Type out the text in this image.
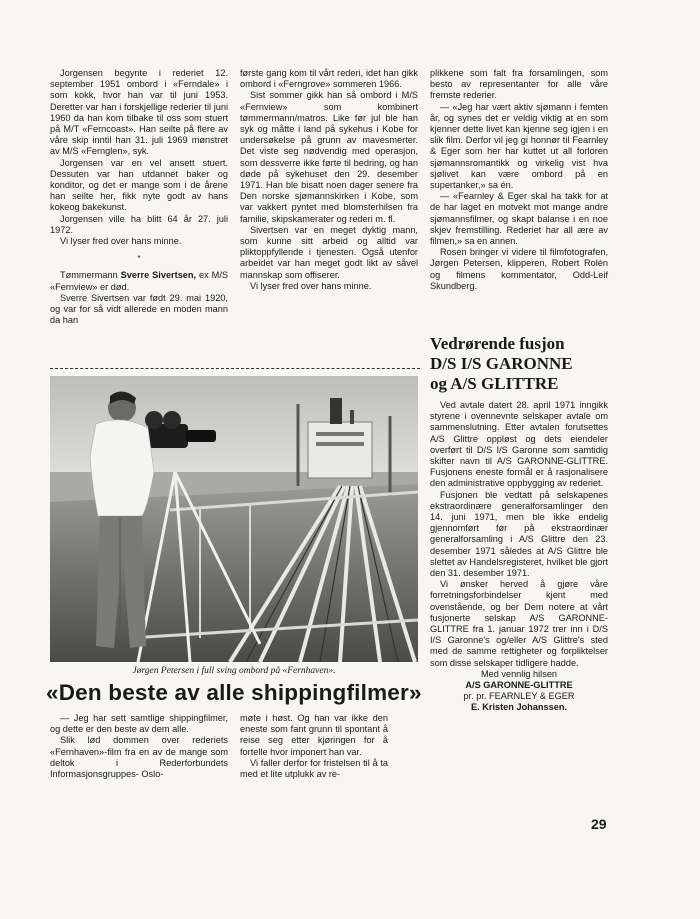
Jorgensen begynte i rederiet 12. september 1951 ombord i «Ferndale» i som kokk, hvor han var til juni 1953. Deretter var han i forskjellige rederier til juni 1960 da han kom tilbake til oss som stuert på M/T «Ferncoast». Han seilte på flere av våre skip inntil han 31. juli 1969 mønstret av M/S «Fernglen», syk.

Jorgensen var en vel ansett stuert. Dessuten var han utdannet baker og konditor, og det er mange som i de årene han seilte her, fikk nyte godt av hans kokeog bakekunst.

Jorgensen ville ha blitt 64 år 27. juli 1972.

Vi lyser fred over hans minne.

*

Tømmermann Sverre Sivertsen, ex M/S «Fernview» er død.

Sverre Sivertsen var født 29. mai 1920, og var for så vidt allerede en moden mann da han

første gang kom til vårt rederi, idet han gikk ombord i «Ferngrove» sommeren 1966.

Sist sommer gikk han så ombord i M/S «Fernview» som kombinert tømmermann/matros. Like før jul ble han syk og måtte i land på sykehus i Kobe for undersøkelse på grunn av mavesmerter. Det viste seg nødvendig med operasjon, som dessverre ikke førte til bedring, og han døde på sykehuset den 29. desember 1971. Han ble bisatt noen dager senere fra Den norske sjømannskirken i Kobe, som var vakkert pyntet med blomsterhilsen fra familie, skipskamerater og rederi m. fl.

Sivertsen var en meget dyktig mann, som kunne sitt arbeid og alltid var pliktoppfyllende i tjenesten. Også utenfor arbeidet var han meget godt likt av såvel mannskap som offiserer.

Vi lyser fred over hans minne.

plikkene som falt fra forsamlingen, som besto av representanter for alle våre fremste rederier.

— «Jeg har vært aktiv sjømann i femten år, og synes det er veldig viktig at en som kjenner dette livet kan kjenne seg igjen i en slik film. Derfor vil jeg gi honnør til Fearnley & Eger som her har kuttet ut all forloren sjømannsromantikk og virkelig vist hva sjølivet kan være ombord på en supertanker,» sa én.

— «Fearnley & Eger skal ha takk for at de har laget en motvekt mot mange andre sjømannsfilmer, og skapt balanse i en noe skjev fremstilling. Rederiet har all ære av filmen,» sa en annen.

Rosen bringer vi videre til filmfotografen, Jørgen Petersen, klipperen, Robert Rolén og filmens kommentator, Odd-Leif Skundberg.

Jørgen Petersen i full sving ombord på «Fernhaven».
«Den beste av alle shippingfilmer»

— Jeg har sett samtlige shippingfilmer, og dette er den beste av dem alle.

Slik lød dommen over rederiets «Fernhaven»-film fra en av de mange som deltok i Rederforbundets Informasjonsgruppes- Oslo-

møte i høst. Og han var ikke den eneste som fant grunn til spontant å reise seg etter kjøringen for å fortelle hvor imponert han var.

Vi faller derfor for fristelsen til å ta med et lite utplukk av re-

Vedrørende fusjon
D/S I/S GARONNE
og A/S GLITTRE

Ved avtale datert 28. april 1971 inngikk styrene i ovennevnte selskaper avtale om sammenslutning. Etter avtalen forutsettes A/S Glittre oppløst og dets eiendeler overført til D/S I/S Garonne som samtidig skifter navn til A/S GARONNE-GLITTRE. Fusjonens eneste formål er å rasjonalisere den administrative oppbygging av rederiet.

Fusjonen ble vedtatt på selskapenes ekstraordinære generalforsamlinger den 14. juni 1971, men ble ikke endelig gjennomført før på ekstraordinær generalforsamling i A/S Glittre den 23. desember 1971 således at A/S Glittre ble slettet av Handelsregisteret, hvilket ble gjort den 31. desember 1971.

Vi ønsker herved å gjøre våre forretningsforbindelser kjent med ovenstående, og ber Dem notere at vårt fusjonerte selskap A/S GARONNE-GLITTRE fra 1. januar 1972 trer inn i D/S I/S Garonne's og/eller A/S Glittre's sted med de samme rettigheter og forpliktelser som disse selskaper tidligere hadde.

Med vennlig hilsen

A/S GARONNE-GLITTRE

pr. pr. FEARNLEY & EGER

E. Kristen Johanssen.

29
